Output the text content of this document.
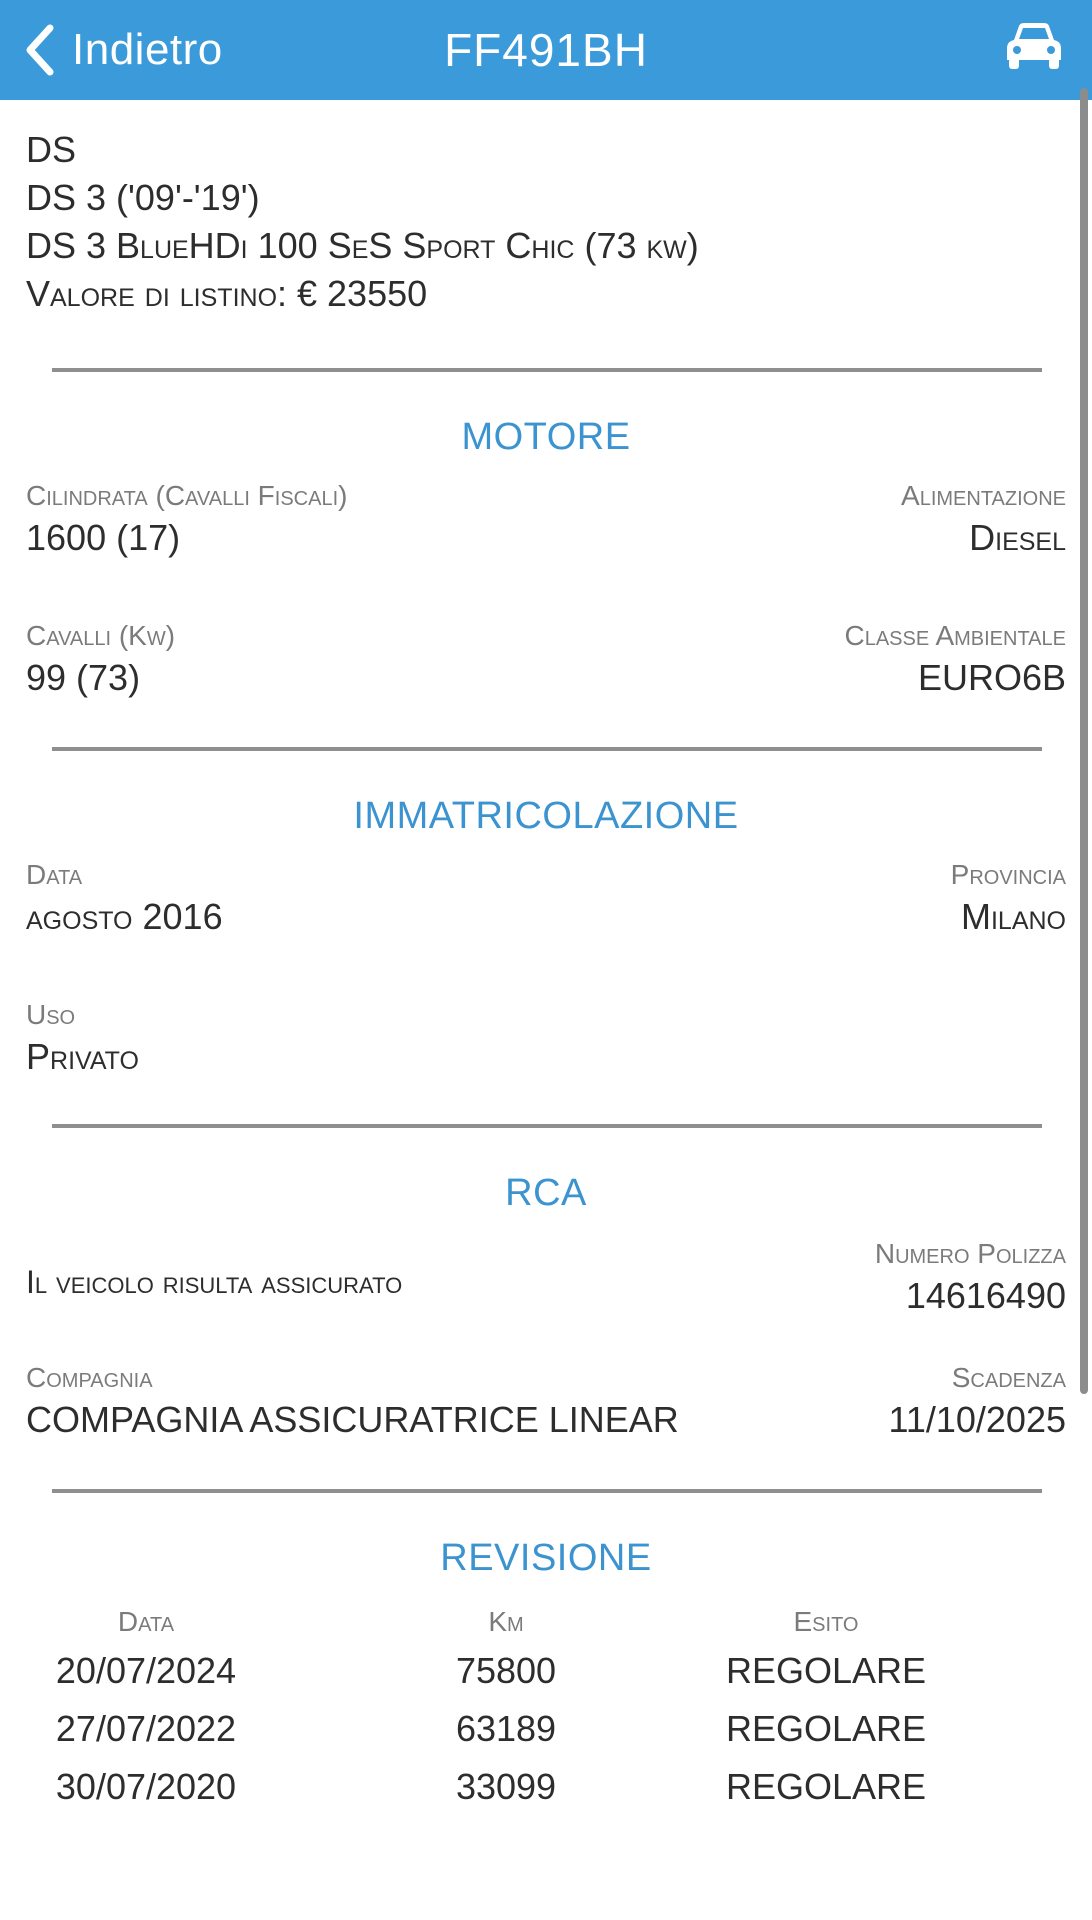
Indietro	FF491BH
DS
DS 3 ('09'-'19')
DS 3 BlueHDi 100 SeS Sport Chic (73 kw)
Valore di listino: € 23550
MOTORE
Cilindrata (Cavalli Fiscali)
1600 (17)
Alimentazione
Diesel
Cavalli (Kw)
99 (73)
Classe Ambientale
EURO6B
IMMATRICOLAZIONE
Data
agosto 2016
Provincia
Milano
Uso
Privato
RCA
Il veicolo risulta assicurato
Numero Polizza
14616490
Compagnia
COMPAGNIA ASSICURATRICE LINEAR
Scadenza
11/10/2025
REVISIONE
Data	Km	Esito
20/07/2024	75800	REGOLARE
27/07/2022	63189	REGOLARE
30/07/2020	33099	REGOLARE
